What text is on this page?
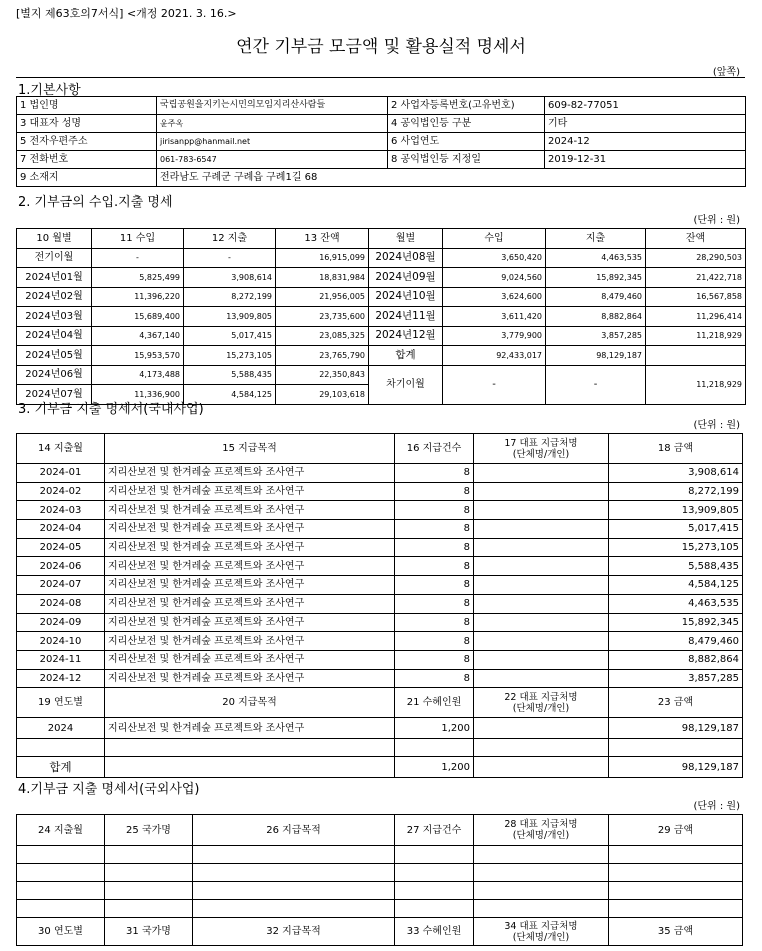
[별지 제63호의7서식] <개정 2021. 3. 16.>
연간 기부금 모금액 및 활용실적 명세서
(앞쪽)
1.기본사항
1 법인명	국립공원을지키는시민의모임지리산사람들	2 사업자등록번호(고유번호)	609-82-77051
3 대표자 성명	윤주옥	4 공익법인등 구분	기타
5 전자우편주소	jirisanpp@hanmail.net	6 사업연도	2024-12
7 전화번호	061-783-6547	8 공익법인등 지정일	2019-12-31
9 소재지	전라남도 구례군 구례읍 구례1길 68		
2. 기부금의 수입.지출 명세
(단위 : 원)
10 월별	11 수입	12 지출	13 잔액	월별	수입	지출	잔액
전기이월	-	-	16,915,099	2024년08월	3,650,420	4,463,535	28,290,503
2024년01월	5,825,499	3,908,614	18,831,984	2024년09월	9,024,560	15,892,345	21,422,718
2024년02월	11,396,220	8,272,199	21,956,005	2024년10월	3,624,600	8,479,460	16,567,858
2024년03월	15,689,400	13,909,805	23,735,600	2024년11월	3,611,420	8,882,864	11,296,414
2024년04월	4,367,140	5,017,415	23,085,325	2024년12월	3,779,900	3,857,285	11,218,929
2024년05월	15,953,570	15,273,105	23,765,790	합계	92,433,017	98,129,187	
2024년06월	4,173,488	5,588,435	22,350,843	차기이월	-	-	11,218,929
2024년07월	11,336,900	4,584,125	29,103,618				
3. 기부금 지출 명세서(국내사업)
(단위 : 원)
14 지출월	15 지급목적	16 지급건수	17 대표 지급처명
(단체명/개인)	18 금액
2024-01	지리산보전 및 한겨레숲 프로젝트와 조사연구	8		3,908,614
2024-02	지리산보전 및 한겨레숲 프로젝트와 조사연구	8		8,272,199
2024-03	지리산보전 및 한겨레숲 프로젝트와 조사연구	8		13,909,805
2024-04	지리산보전 및 한겨레숲 프로젝트와 조사연구	8		5,017,415
2024-05	지리산보전 및 한겨레숲 프로젝트와 조사연구	8		15,273,105
2024-06	지리산보전 및 한겨레숲 프로젝트와 조사연구	8		5,588,435
2024-07	지리산보전 및 한겨레숲 프로젝트와 조사연구	8		4,584,125
2024-08	지리산보전 및 한겨레숲 프로젝트와 조사연구	8		4,463,535
2024-09	지리산보전 및 한겨레숲 프로젝트와 조사연구	8		15,892,345
2024-10	지리산보전 및 한겨레숲 프로젝트와 조사연구	8		8,479,460
2024-11	지리산보전 및 한겨레숲 프로젝트와 조사연구	8		8,882,864
2024-12	지리산보전 및 한겨레숲 프로젝트와 조사연구	8		3,857,285
19 연도별	20 지급목적	21 수혜인원	22 대표 지급처명
(단체명/개인)	23 금액
2024	지리산보전 및 한겨레숲 프로젝트와 조사연구	1,200		98,129,187

합계		1,200		98,129,187
4.기부금 지출 명세서(국외사업)
(단위 : 원)
24 지출월	25 국가명	26 지급목적	27 지급건수	28 대표 지급처명
(단체명/개인)	29 금액

30 연도별	31 국가명	32 지급목적	33 수혜인원	34 대표 지급처명
(단체명/개인)	35 금액
